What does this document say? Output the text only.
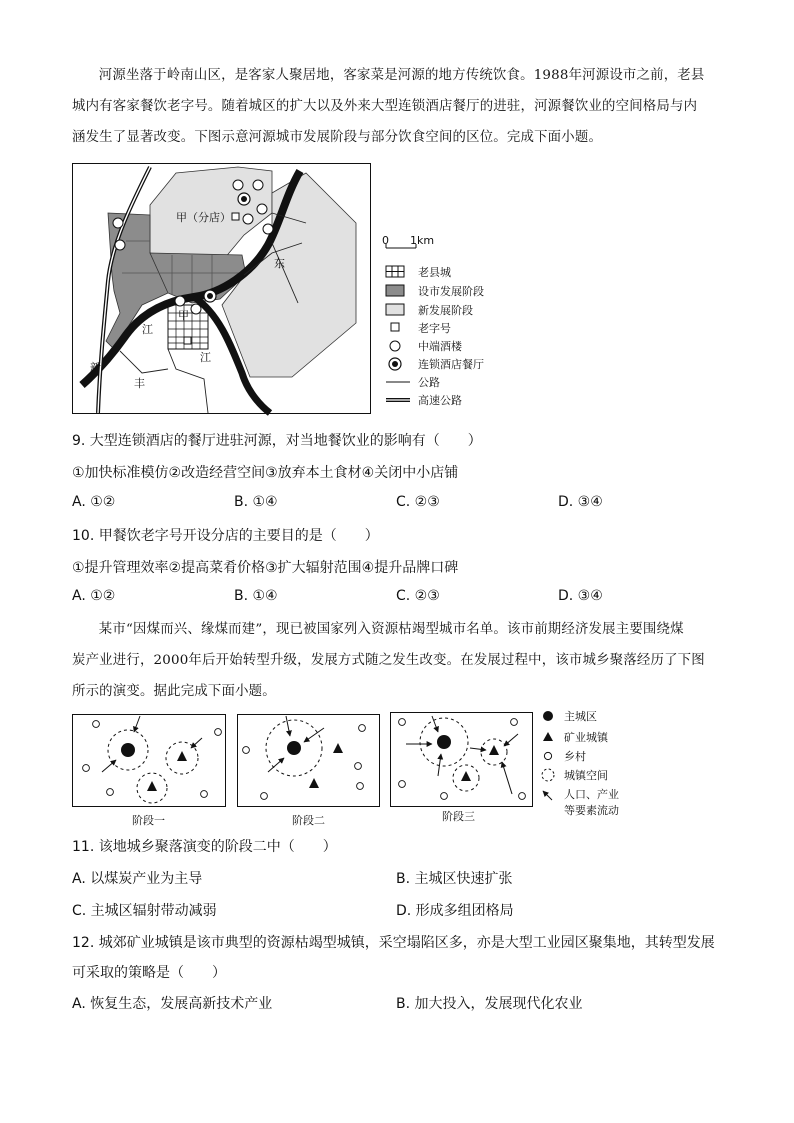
河源坐落于岭南山区，是客家人聚居地，客家菜是河源的地方传统饮食。1988年河源设市之前，老县

城内有客家餐饮老字号。随着城区的扩大以及外来大型连锁酒店餐厅的进驻，河源餐饮业的空间格局与内

涵发生了显著改变。下图示意河源城市发展阶段与部分饮食空间的区位。完成下面小题。

甲（分店）
甲
东
江
江
新
丰
0 1km
老县城
设市发展阶段
新发展阶段
老字号
中端酒楼
连锁酒店餐厅
公路
高速公路

9. 大型连锁酒店的餐厅进驻河源，对当地餐饮业的影响有（　　）

①加快标准模仿②改造经营空间③放弃本土食材④关闭中小店铺

A. ①②	B. ①④	C. ②③	D. ③④

10. 甲餐饮老字号开设分店的主要目的是（　　）

①提升管理效率②提高菜肴价格③扩大辐射范围④提升品牌口碑

A. ①②	B. ①④	C. ②③	D. ③④

某市“因煤而兴、缘煤而建”，现已被国家列入资源枯竭型城市名单。该市前期经济发展主要围绕煤

炭产业进行，2000年后开始转型升级，发展方式随之发生改变。在发展过程中，该市城乡聚落经历了下图

所示的演变。据此完成下面小题。

阶段一	阶段二	阶段三
主城区
矿业城镇
乡村
城镇空间
人口、产业
等要素流动

11. 该地城乡聚落演变的阶段二中（　　）

A. 以煤炭产业为主导	B. 主城区快速扩张

C. 主城区辐射带动减弱	D. 形成多组团格局

12. 城郊矿业城镇是该市典型的资源枯竭型城镇，采空塌陷区多，亦是大型工业园区聚集地，其转型发展

可采取的策略是（　　）

A. 恢复生态，发展高新技术产业	B. 加大投入，发展现代化农业
